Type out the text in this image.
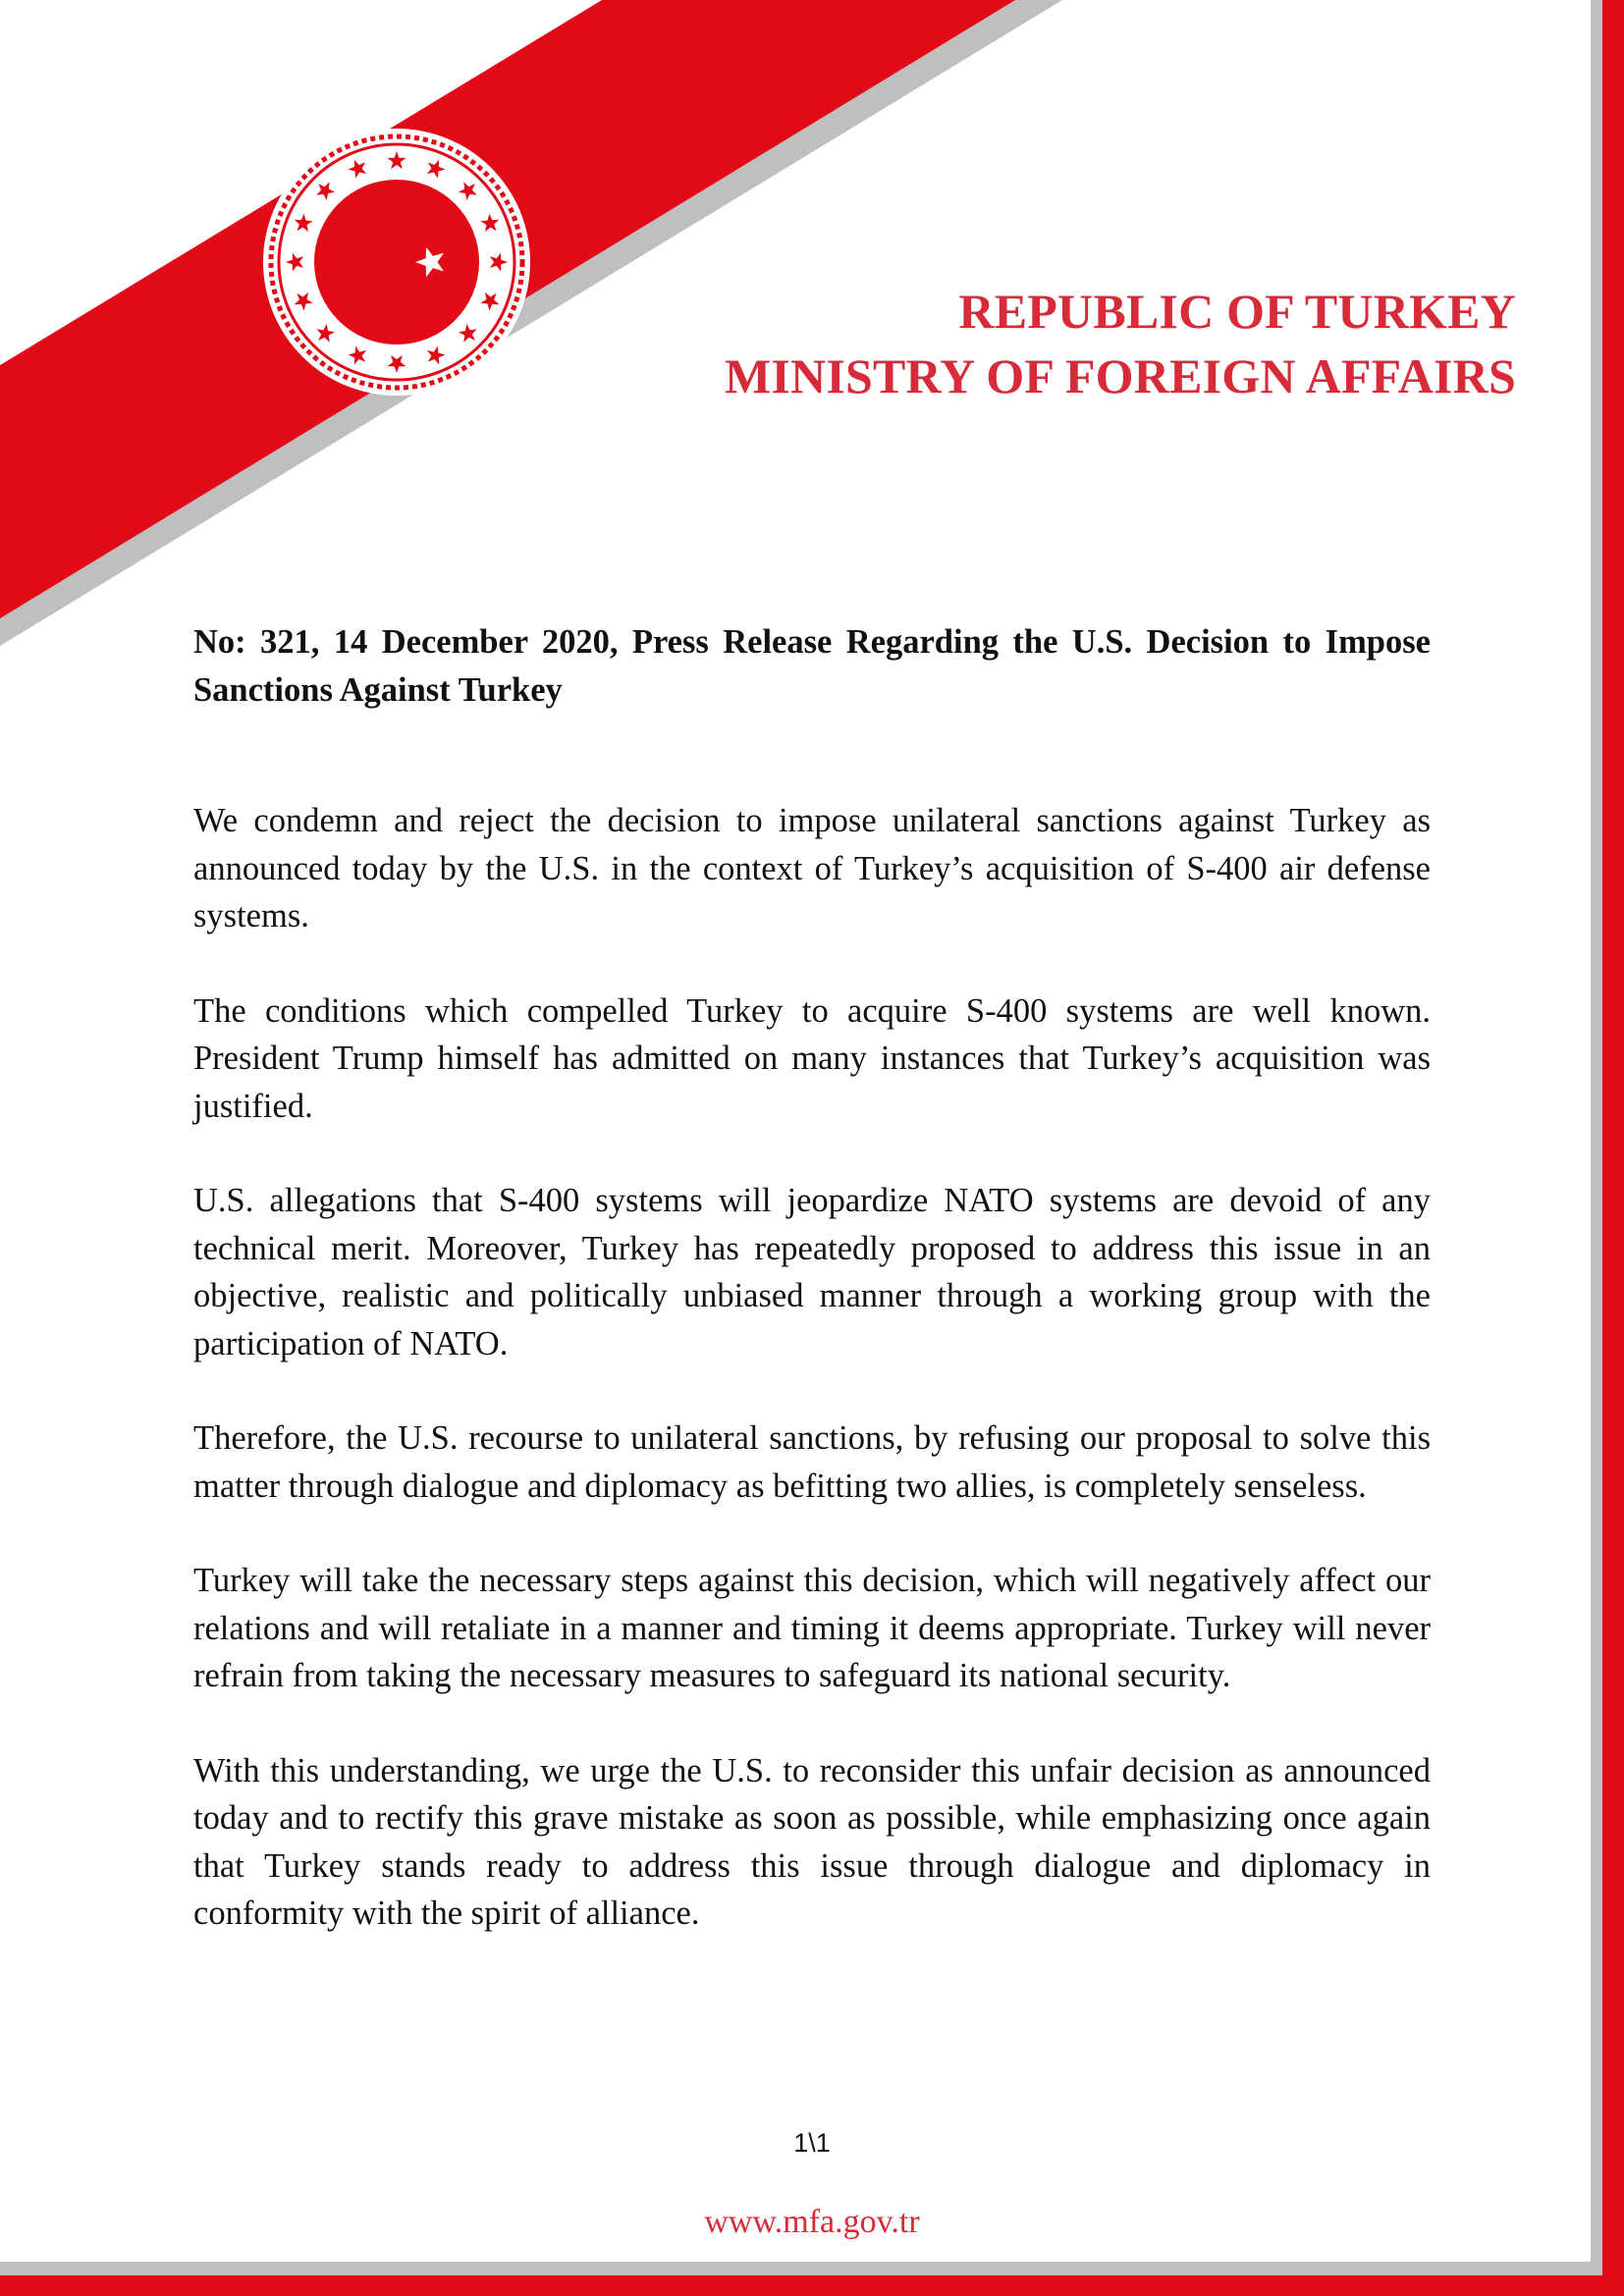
REPUBLIC OF TURKEY
MINISTRY OF FOREIGN AFFAIRS
No: 321, 14 December 2020, Press Release Regarding the U.S. Decision to Impose Sanctions Against Turkey

We condemn and reject the decision to impose unilateral sanctions against Turkey as announced today by the U.S. in the context of Turkey’s acquisition of S-400 air defense systems.

The conditions which compelled Turkey to acquire S-400 systems are well known. President Trump himself has admitted on many instances that Turkey’s acquisition was justified.

U.S. allegations that S-400 systems will jeopardize NATO systems are devoid of any technical merit. Moreover, Turkey has repeatedly proposed to address this issue in an objective, realistic and politically unbiased manner through a working group with the participation of NATO.

Therefore, the U.S. recourse to unilateral sanctions, by refusing our proposal to solve this matter through dialogue and diplomacy as befitting two allies, is completely senseless.

Turkey will take the necessary steps against this decision, which will negatively affect our relations and will retaliate in a manner and timing it deems appropriate. Turkey will never refrain from taking the necessary measures to safeguard its national security.

With this understanding, we urge the U.S. to reconsider this unfair decision as announced today and to rectify this grave mistake as soon as possible, while emphasizing once again that Turkey stands ready to address this issue through dialogue and diplomacy in conformity with the spirit of alliance.

1\1
www.mfa.gov.tr
